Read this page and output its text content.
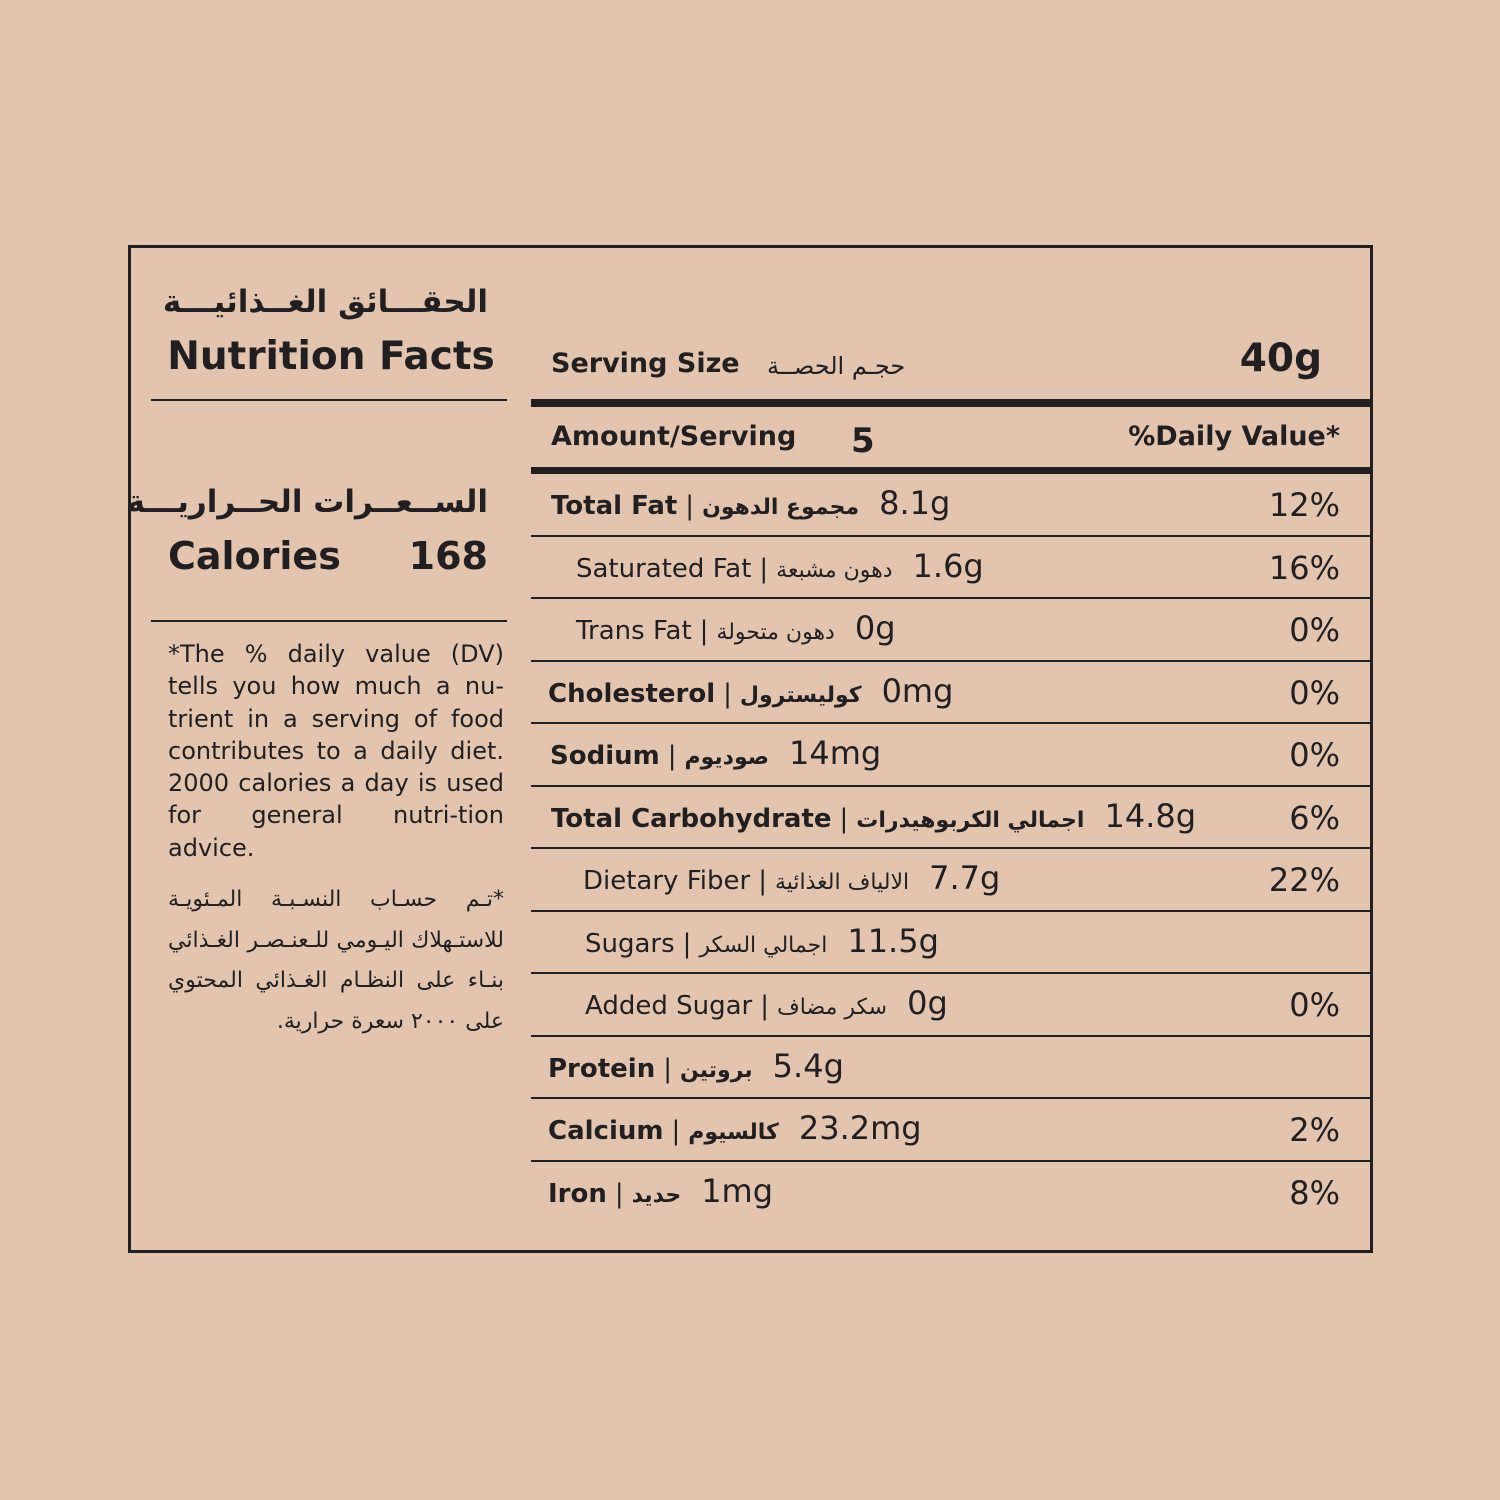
الحقـــائق الغــذائيـــة
Nutrition Facts
الســعــرات الحــراريـــة
Calories 168
*The % daily value (DV) tells you how much a nu-trient in a serving of food contributes to a daily diet. 2000 calories a day is used for general nutri-tion advice.
*تـم حسـاب النسـبـة المـئويـة للاستـهلاك اليـومي للـعنـصـر الغـذائي بنـاء على النظـام الغـذائي المحتوي على ٢٠٠٠ سعرة حرارية.
Serving Size حجـم الحصــة	40g
Amount/Serving 5	%Daily Value*
Total Fat | مجموع الدهون 8.1g	12%
Saturated Fat | دهون مشبعة 1.6g	16%
Trans Fat | دهون متحولة 0g	0%
Cholesterol | كوليسترول 0mg	0%
Sodium | صوديوم 14mg	0%
Total Carbohydrate | اجمالي الكربوهيدرات 14.8g	6%
Dietary Fiber | الالياف الغذائية 7.7g	22%
Sugars | اجمالي السكر 11.5g
Added Sugar | سكر مضاف 0g	0%
Protein | بروتين 5.4g
Calcium | كالسيوم 23.2mg	2%
Iron | حديد 1mg	8%
